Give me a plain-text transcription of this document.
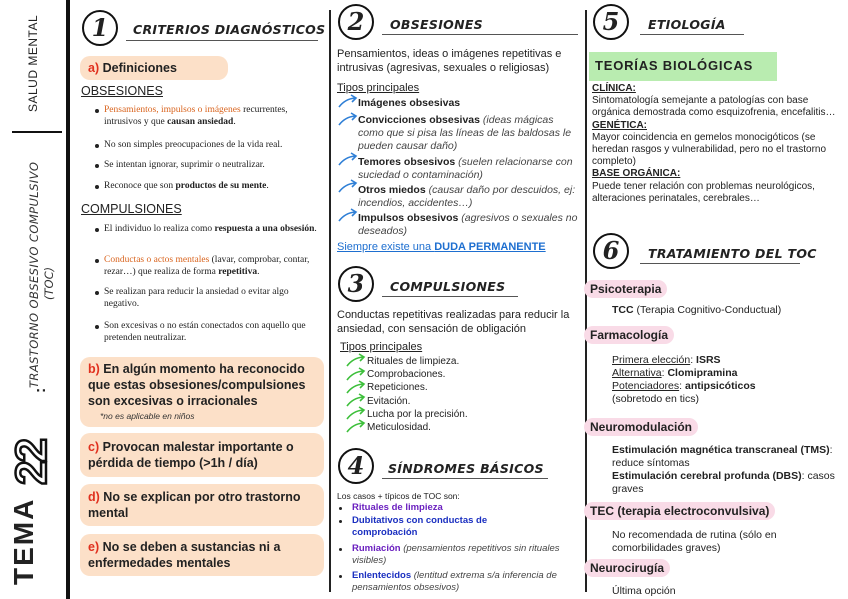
SALUD MENTAL
TEMA
22
:
TRASTORNO OBSESIVO COMPULSIVO (TOC)
1	CRITERIOS DIAGNÓSTICOS
a) Definiciones
OBSESIONES
Pensamientos, impulsos o imágenes recurrentes, intrusivos y que causan ansiedad.
No son simples preocupaciones de la vida real.
Se intentan ignorar, suprimir o neutralizar.
Reconoce que son productos de su mente.
COMPULSIONES
El individuo lo realiza como respuesta a una obsesión.
Conductas o actos mentales (lavar, comprobar, contar, rezar…) que realiza de forma repetitiva.
Se realizan para reducir la ansiedad o evitar algo negativo.
Son excesivas o no están conectados con aquello que pretenden neutralizar.
b) En algún momento ha reconocido que estas obsesiones/compulsiones son excesivas o irracionales
*no es aplicable en niños
c) Provocan malestar importante o pérdida de tiempo (>1h / día)
d) No se explican por otro trastorno mental
e) No se deben a sustancias ni a enfermedades mentales
2	OBSESIONES
Pensamientos, ideas o imágenes repetitivas e intrusivas (agresivas, sexuales o religiosas)
Tipos principales
Imágenes obsesivas
Convicciones obsesivas (ideas mágicas como que si pisa las líneas de las baldosas le pueden causar daño)
Temores obsesivos (suelen relacionarse con suciedad o contaminación)
Otros miedos (causar daño por descuidos, ej: incendios, accidentes…)
Impulsos obsesivos (agresivos o sexuales no deseados)
Siempre existe una DUDA PERMANENTE
3	COMPULSIONES
Conductas repetitivas realizadas para reducir la ansiedad, con sensación de obligación
Tipos principales
Rituales de limpieza.
Comprobaciones.
Repeticiones.
Evitación.
Lucha por la precisión.
Meticulosidad.
4	SÍNDROMES BÁSICOS
Los casos + típicos de TOC son:
Rituales de limpieza
Dubitativos con conductas de comprobación
Rumiación (pensamientos repetitivos sin rituales visibles)
Enlentecidos (lentitud extrema s/a inferencia de pensamientos obsesivos)
5	ETIOLOGÍA
TEORÍAS BIOLÓGICAS
CLÍNICA:
Sintomatología semejante a patologías con base orgánica demostrada como esquizofrenia, encefalitis…
GENÉTICA:
Mayor coincidencia en gemelos monocigóticos (se heredan rasgos y vulnerabilidad, pero no el trastorno completo)
BASE ORGÁNICA:
Puede tener relación con problemas neurológicos, alteraciones perinatales, cerebrales…
6	TRATAMIENTO DEL TOC
Psicoterapia
TCC (Terapia Cognitivo-Conductual)
Farmacología
Primera elección: ISRS
Alternativa: Clomipramina
Potenciadores: antipsicóticos
(sobretodo en tics)
Neuromodulación
Estimulación magnética transcraneal (TMS): reduce síntomas
Estimulación cerebral profunda (DBS): casos graves
TEC (terapia electroconvulsiva)
No recomendada de rutina (sólo en comorbilidades graves)
Neurocirugía
Última opción
